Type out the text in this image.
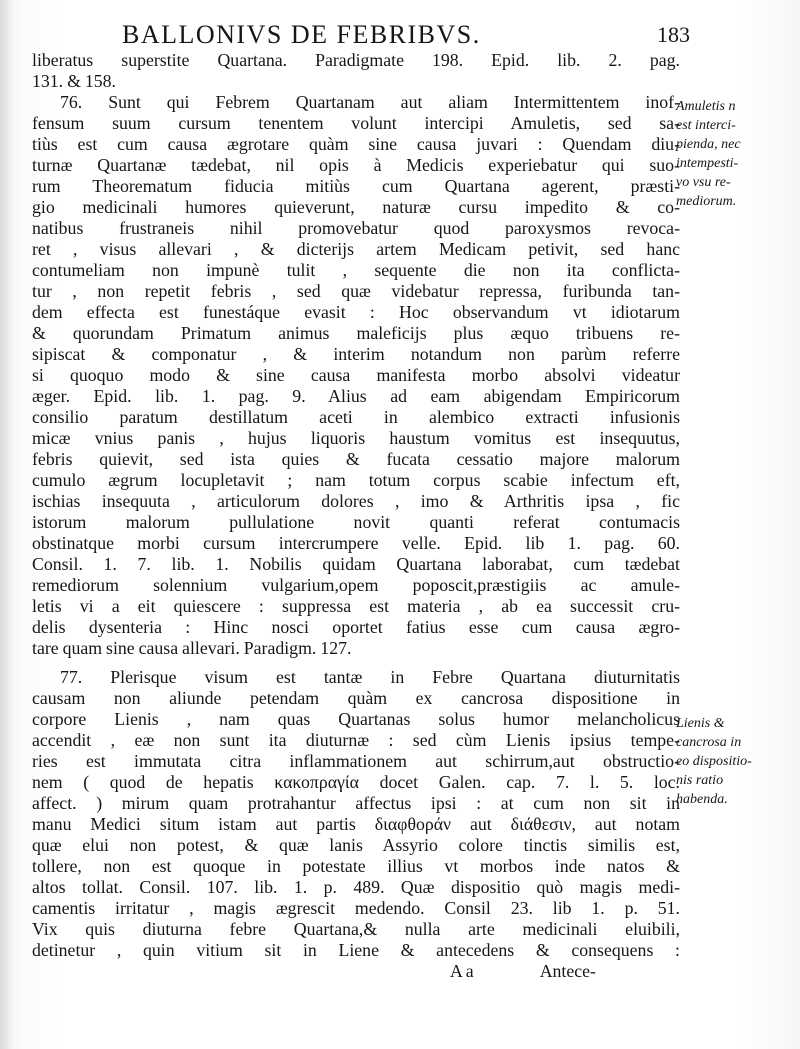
BALLONIVS DE FEBRIBVS.	183
liberatus superstite Quartana. Paradigmate 198. Epid. lib. 2. pag.
131. & 158.
76. Sunt qui Febrem Quartanam aut aliam Intermittentem inof-
fensum suum cursum tenentem volunt intercipi Amuletis, sed sa-
tiùs est cum causa ægrotare quàm sine causa juvari : Quendam diu-
turnæ Quartanæ tædebat, nil opis à Medicis experiebatur qui suo-
rum Theorematum fiducia mitiùs cum Quartana agerent, præsti-
gio medicinali humores quieverunt, naturæ cursu impedito & co-
natibus frustraneis nihil promovebatur quod paroxysmos revoca-
ret , visus allevari , & dicterijs artem Medicam petivit, sed hanc
contumeliam non impunè tulit , sequente die non ita conflicta-
tur , non repetit febris , sed quæ videbatur repressa, furibunda tan-
dem effecta est funestáque evasit : Hoc observandum vt idiotarum
& quorundam Primatum animus maleficijs plus æquo tribuens re-
sipiscat & componatur , & interim notandum non parùm referre
si quoquo modo & sine causa manifesta morbo absolvi videatur
æger. Epid. lib. 1. pag. 9. Alius ad eam abigendam Empiricorum
consilio paratum destillatum aceti in alembico extracti infusionis
micæ vnius panis , hujus liquoris haustum vomitus est insequutus,
febris quievit, sed ista quies & fucata cessatio majore malorum
cumulo ægrum locupletavit ; nam totum corpus scabie infectum eft,
ischias insequuta , articulorum dolores , imo & Arthritis ipsa , fic
istorum malorum pullulatione novit quanti referat contumacis
obstinatque morbi cursum intercrumpere velle. Epid. lib 1. pag. 60.
Consil. 1. 7. lib. 1. Nobilis quidam Quartana laborabat, cum tædebat
remediorum solennium vulgarium,opem poposcit,præstigiis ac amule-
letis vi a eit quiescere : suppressa est materia , ab ea successit cru-
delis dysenteria : Hinc nosci oportet fatius esse cum causa ægro-
tare quam sine causa allevari. Paradigm. 127.
77. Plerisque visum est tantæ in Febre Quartana diuturnitatis
causam non aliunde petendam quàm ex cancrosa dispositione in
corpore Lienis , nam quas Quartanas solus humor melancholicus
accendit , eæ non sunt ita diuturnæ : sed cùm Lienis ipsius tempe-
ries est immutata citra inflammationem aut schirrum,aut obstructio-
nem ( quod de hepatis κακοπραγία docet Galen. cap. 7. l. 5. loc.
affect. ) mirum quam protrahantur affectus ipsi : at cum non sit in
manu Medici situm istam aut partis διαφθοράν aut διάθεσιν, aut notam
quæ elui non potest, & quæ lanis Assyrio colore tinctis similis est,
tollere, non est quoque in potestate illius vt morbos inde natos &
altos tollat. Consil. 107. lib. 1. p. 489. Quæ dispositio quò magis medi-
camentis irritatur , magis ægrescit medendo. Consil 23. lib 1. p. 51.
Vix quis diuturna febre Quartana,& nulla arte medicinali eluibili,
detinetur , quin vitium sit in Liene & antecedens & consequens :
A a	Antece-
Amuletis n
est interci-
pienda, nec
intempesti-
vo vsu re-
mediorum.
Lienis &
cancrosa in
eo dispositio-
nis ratio
habenda.
